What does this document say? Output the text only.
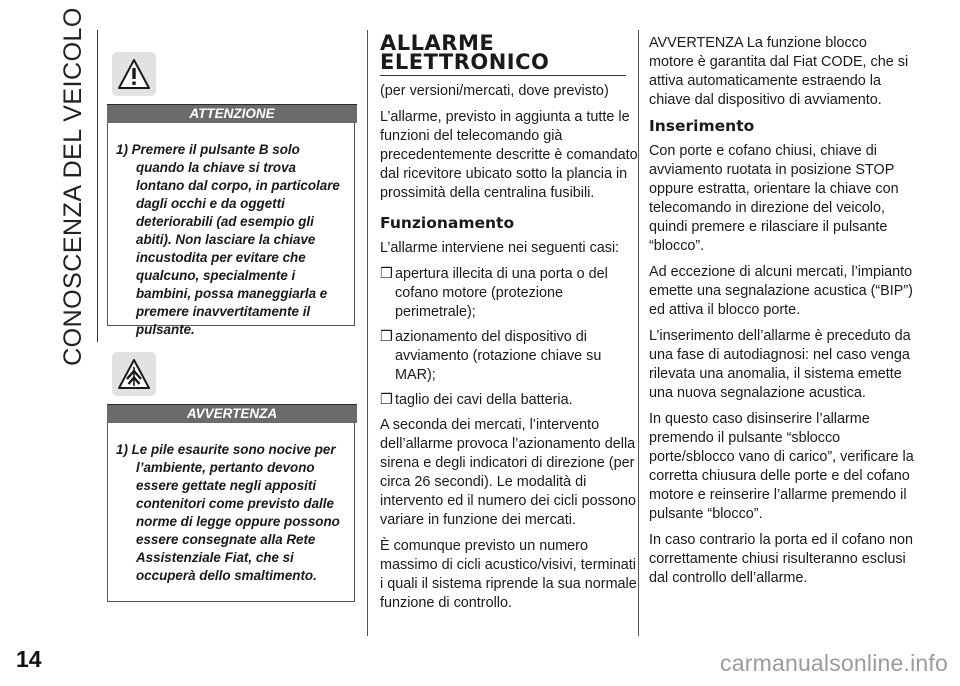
CONOSCENZA DEL VEICOLO	ATTENZIONE

1) Premere il pulsante B solo quando la chiave si trova lontano dal corpo, in particolare dagli occhi e da oggetti deteriorabili (ad esempio gli abiti). Non lasciare la chiave incustodita per evitare che qualcuno, specialmente i bambini, possa maneggiarla e premere inavvertitamente il pulsante.

AVVERTENZA

1) Le pile esaurite sono nocive per l’ambiente, pertanto devono essere gettate negli appositi contenitori come previsto dalle norme di legge oppure possono essere consegnate alla Rete Assistenziale Fiat, che si occuperà dello smaltimento.

ALLARME
ELETTRONICO

(per versioni/mercati, dove previsto)

L’allarme, previsto in aggiunta a tutte le funzioni del telecomando già precedentemente descritte è comandato dal ricevitore ubicato sotto la plancia in prossimità della centralina fusibili.

Funzionamento

L’allarme interviene nei seguenti casi:

❒ apertura illecita di una porta o del cofano motore (protezione perimetrale);
❒ azionamento del dispositivo di avviamento (rotazione chiave su MAR);
❒ taglio dei cavi della batteria.

A seconda dei mercati, l’intervento dell’allarme provoca l’azionamento della sirena e degli indicatori di direzione (per circa 26 secondi). Le modalità di intervento ed il numero dei cicli possono variare in funzione dei mercati.

È comunque previsto un numero massimo di cicli acustico/visivi, terminati i quali il sistema riprende la sua normale funzione di controllo.

AVVERTENZA La funzione blocco motore è garantita dal Fiat CODE, che si attiva automaticamente estraendo la chiave dal dispositivo di avviamento.

Inserimento

Con porte e cofano chiusi, chiave di avviamento ruotata in posizione STOP oppure estratta, orientare la chiave con telecomando in direzione del veicolo, quindi premere e rilasciare il pulsante “blocco”.

Ad eccezione di alcuni mercati, l’impianto emette una segnalazione acustica (“BIP”) ed attiva il blocco porte.

L’inserimento dell’allarme è preceduto da una fase di autodiagnosi: nel caso venga rilevata una anomalia, il sistema emette una nuova segnalazione acustica.

In questo caso disinserire l’allarme premendo il pulsante “sblocco porte/sblocco vano di carico”, verificare la corretta chiusura delle porte e del cofano motore e reinserire l’allarme premendo il pulsante “blocco”.

In caso contrario la porta ed il cofano non correttamente chiusi risulteranno esclusi dal controllo dell’allarme.

14	carmanualsonline.info
